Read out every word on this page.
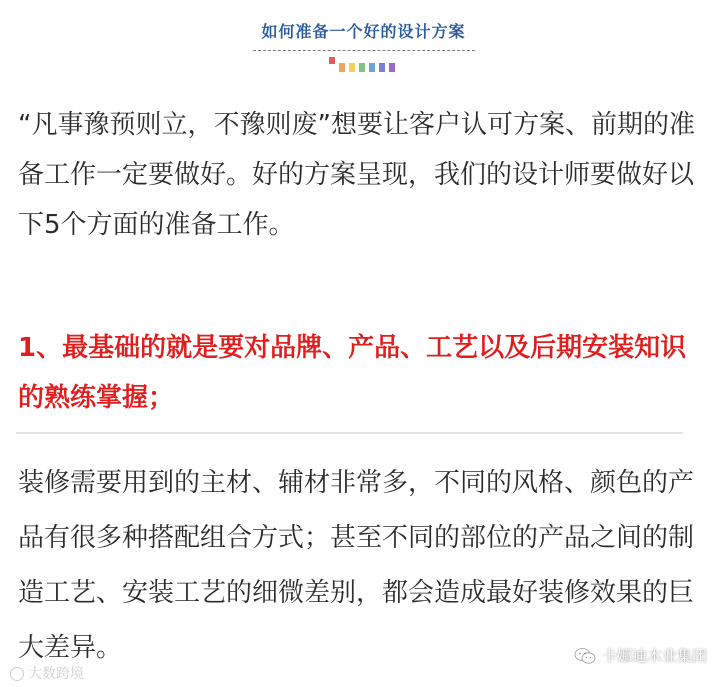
如何准备一个好的设计方案

“凡事豫预则立，不豫则废”想要让客户认可方案、前期的准备工作一定要做好。好的方案呈现，我们的设计师要做好以下5个方面的准备工作。

1、最基础的就是要对品牌、产品、工艺以及后期安装知识的熟练掌握；

装修需要用到的主材、辅材非常多，不同的风格、颜色的产品有很多种搭配组合方式；甚至不同的部位的产品之间的制造工艺、安装工艺的细微差别，都会造成最好装修效果的巨大差异。

大数跨境
卡娜迪木业集团
